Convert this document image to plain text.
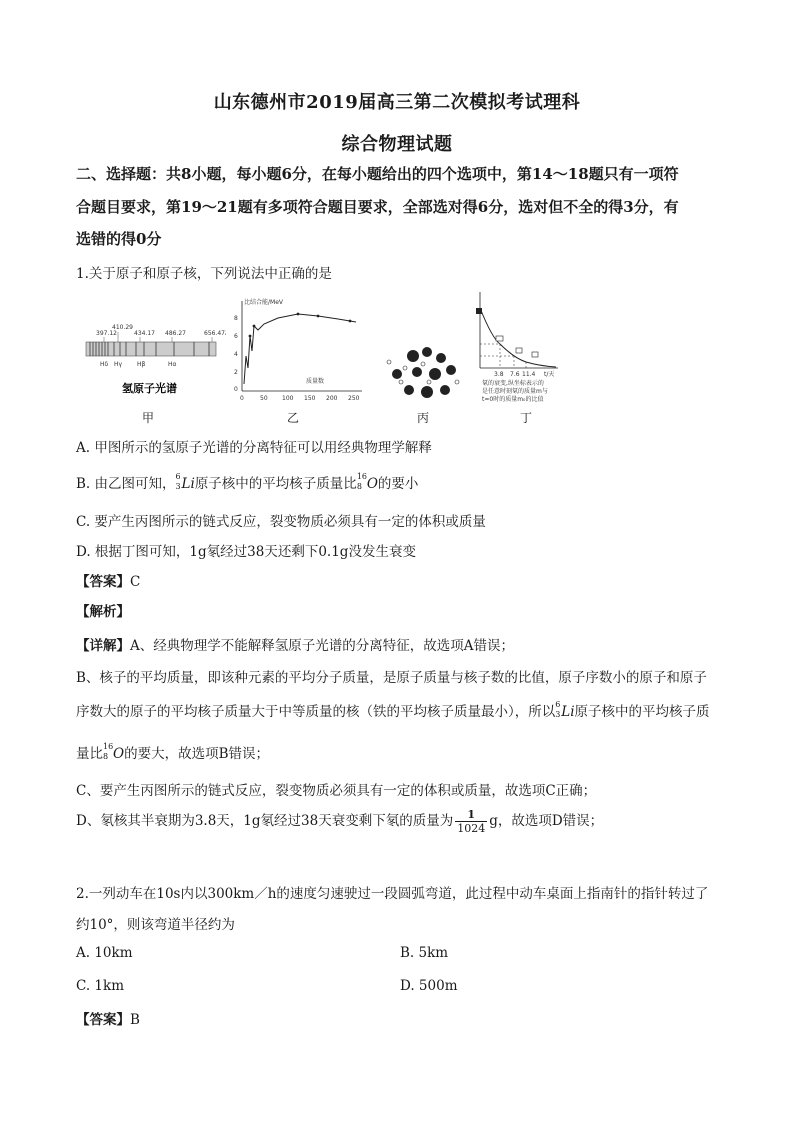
山东德州市2019届高三第二次模拟考试理科
综合物理试题
二、选择题：共8小题，每小题6分，在每小题给出的四个选项中，第14～18题只有一项符
合题目要求，第19～21题有多项符合题目要求，全部选对得6分，选对但不全的得3分，有
选错的得0分
1.关于原子和原子核，下列说法中正确的是
397.12
410.29
434.17 486.27	656.47
Hδ Hγ Hβ	Hα
氢原子光谱
甲
比结合能/MeV
0
2
4
6
8
0	50 100 150 200 250
质量数
乙	丙
3.8 7.6 11.4 t/天
氡的衰变,纵坐标表示的
是任意时刻氡的质量m与
t=0时的质量m₀的比值
丁
A. 甲图所示的氢原子光谱的分离特征可以用经典物理学解释
B. 由乙图可知， 6
3 Li原子核中的平均核子质量比 16
8 O的要小
C. 要产生丙图所示的链式反应，裂变物质必须具有一定的体积或质量
D. 根据丁图可知，1g氡经过38天还剩下0.1g没发生衰变
【答案】C
【解析】
【详解】A、经典物理学不能解释氢原子光谱的分离特征，故选项A错误；
B、核子的平均质量，即该种元素的平均分子质量，是原子质量与核子数的比值，原子序数小的原子和原子
序数大的原子的平均核子质量大于中等质量的核（铁的平均核子质量最小），所以 6
3 Li原子核中的平均核子质
量比 16
8 O的要大，故选项B错误；
C、要产生丙图所示的链式反应，裂变物质必须具有一定的体积或质量，故选项C正确；
D、氡核其半衰期为3.8天，1g氡经过38天衰变剩下氡的质量为 $\frac{1}{1024}$ g，故选项D错误；
2.一列动车在10s内以300km／h的速度匀速驶过一段圆弧弯道，此过程中动车桌面上指南针的指针转过了
约10°，则该弯道半径约为
A. 10km	B. 5km
C. 1km	D. 500m
【答案】B
